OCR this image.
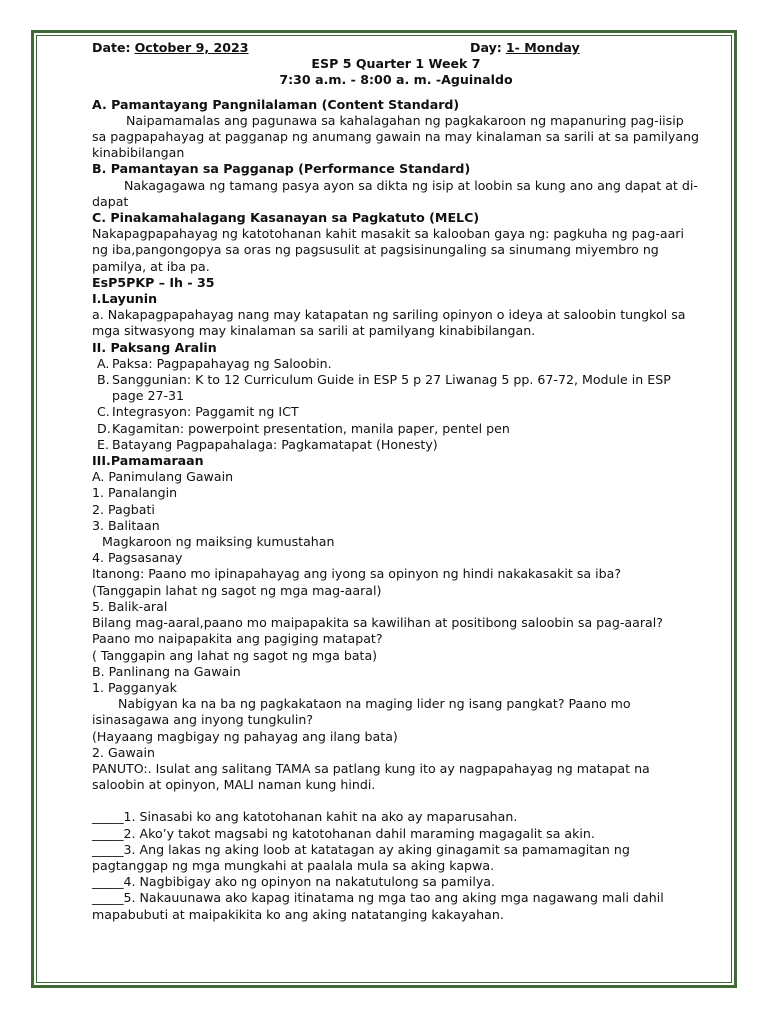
Date: October 9, 2023	Day: 1- Monday
ESP 5 Quarter 1 Week 7
7:30 a.m. - 8:00 a. m. -Aguinaldo
A. Pamantayang Pangnilalaman (Content Standard)
Naipamamalas ang pagunawa sa kahalagahan ng pagkakaroon ng mapanuring pag-iisip sa pagpapahayag at pagganap ng anumang gawain na may kinalaman sa sarili at sa pamilyang kinabibilangan
B. Pamantayan sa Pagganap (Performance Standard)
Nakagagawa ng tamang pasya ayon sa dikta ng isip at loobin sa kung ano ang dapat at di-dapat
C. Pinakamahalagang Kasanayan sa Pagkatuto (MELC)
Nakapagpapahayag ng katotohanan kahit masakit sa kalooban gaya ng: pagkuha ng pag-aari ng iba,pangongopya sa oras ng pagsusulit at pagsisinungaling sa sinumang miyembro ng pamilya, at iba pa.
EsP5PKP – Ih - 35
I.Layunin
a. Nakapagpapahayag nang may katapatan ng sariling opinyon o ideya at saloobin tungkol sa mga sitwasyong may kinalaman sa sarili at pamilyang kinabibilangan.
II. Paksang Aralin
A. Paksa: Pagpapahayag ng Saloobin.
B. Sanggunian: K to 12 Curriculum Guide in ESP 5 p 27 Liwanag 5 pp. 67-72, Module in ESP page 27-31
C. Integrasyon: Paggamit ng ICT
D. Kagamitan: powerpoint presentation, manila paper, pentel pen
E. Batayang Pagpapahalaga: Pagkamatapat (Honesty)
III.Pamamaraan
A. Panimulang Gawain
1. Panalangin
2. Pagbati
3. Balitaan
Magkaroon ng maiksing kumustahan
4. Pagsasanay
Itanong: Paano mo ipinapahayag ang iyong sa opinyon ng hindi nakakasakit sa iba?
(Tanggapin lahat ng sagot ng mga mag-aaral)
5. Balik-aral
Bilang mag-aaral,paano mo maipapakita sa kawilihan at positibong saloobin sa pag-aaral?Paano mo naipapakita ang pagiging matapat?
( Tanggapin ang lahat ng sagot ng mga bata)
B. Panlinang na Gawain
1. Pagganyak
Nabigyan ka na ba ng pagkakataon na maging lider ng isang pangkat? Paano mo isinasagawa ang inyong tungkulin?
(Hayaang magbigay ng pahayag ang ilang bata)
2. Gawain
PANUTO:. Isulat ang salitang TAMA sa patlang kung ito ay nagpapahayag ng matapat na saloobin at opinyon, MALI naman kung hindi.
_____1. Sinasabi ko ang katotohanan kahit na ako ay maparusahan.
_____2. Ako’y takot magsabi ng katotohanan dahil maraming magagalit sa akin.
_____3. Ang lakas ng aking loob at katatagan ay aking ginagamit sa pamamagitan ng pagtanggap ng mga mungkahi at paalala mula sa aking kapwa.
_____4. Nagbibigay ako ng opinyon na nakatutulong sa pamilya.
_____5. Nakauunawa ako kapag itinatama ng mga tao ang aking mga nagawang mali dahil mapabubuti at maipakikita ko ang aking natatanging kakayahan.
